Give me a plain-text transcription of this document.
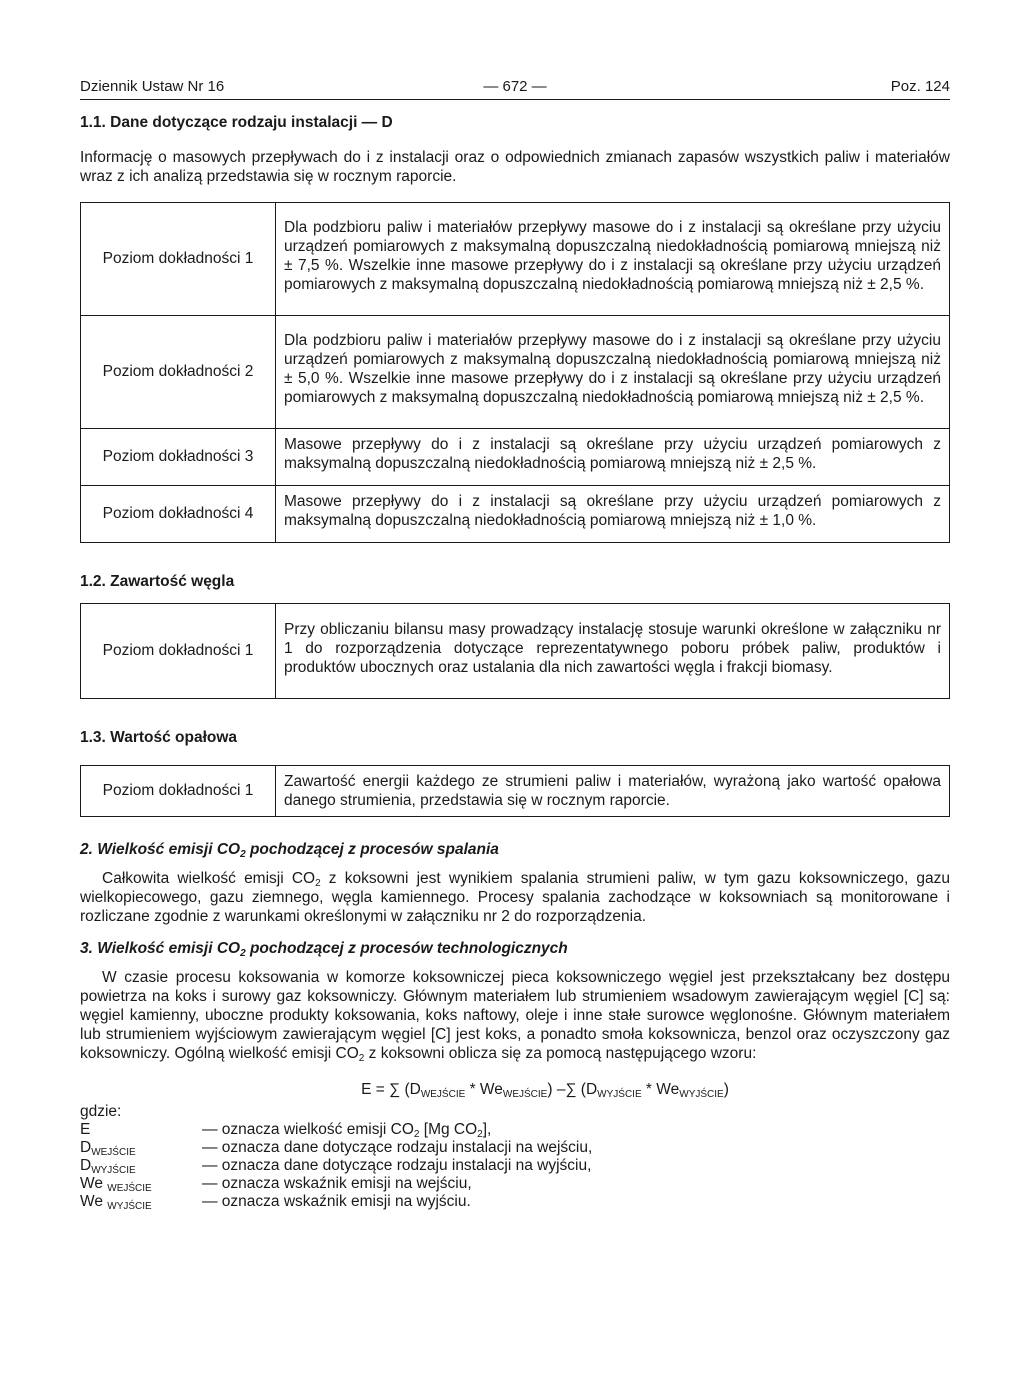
Dziennik Ustaw Nr 16	— 672 —	Poz. 124
1.1. Dane dotyczące rodzaju instalacji — D

Informację o masowych przepływach do i z instalacji oraz o odpowiednich zmianach zapasów wszystkich paliw i materiałów wraz z ich analizą przedstawia się w rocznym raporcie.

Poziom dokładności 1	Dla podzbioru paliw i materiałów przepływy masowe do i z instalacji są określane przy użyciu urządzeń pomiarowych z maksymalną dopuszczalną niedokładnością pomiarową mniejszą niż ± 7,5 %. Wszelkie inne masowe przepływy do i z instalacji są określane przy użyciu urządzeń pomiarowych z maksymalną dopuszczalną niedokładnością pomiarową mniejszą niż ± 2,5 %.
Poziom dokładności 2	Dla podzbioru paliw i materiałów przepływy masowe do i z instalacji są określane przy użyciu urządzeń pomiarowych z maksymalną dopuszczalną niedokładnością pomiarową mniejszą niż ± 5,0 %. Wszelkie inne masowe przepływy do i z instalacji są określane przy użyciu urządzeń pomiarowych z maksymalną dopuszczalną niedokładnością pomiarową mniejszą niż ± 2,5 %.
Poziom dokładności 3	Masowe przepływy do i z instalacji są określane przy użyciu urządzeń pomiarowych z maksymalną dopuszczalną niedokładnością pomiarową mniejszą niż ± 2,5 %.
Poziom dokładności 4	Masowe przepływy do i z instalacji są określane przy użyciu urządzeń pomiarowych z maksymalną dopuszczalną niedokładnością pomiarową mniejszą niż ± 1,0 %.
1.2. Zawartość węgla
Poziom dokładności 1	Przy obliczaniu bilansu masy prowadzący instalację stosuje warunki określone w załączniku nr 1 do rozporządzenia dotyczące reprezentatywnego poboru próbek paliw, produktów i produktów ubocznych oraz ustalania dla nich zawartości węgla i frakcji biomasy.
1.3. Wartość opałowa
Poziom dokładności 1	Zawartość energii każdego ze strumieni paliw i materiałów, wyrażoną jako wartość opałowa danego strumienia, przedstawia się w rocznym raporcie.
2. Wielkość emisji $CO_2$ pochodzącej z procesów spalania

Całkowita wielkość emisji $CO_2$ z koksowni jest wynikiem spalania strumieni paliw, w tym gazu koksowniczego, gazu wielkopiecowego, gazu ziemnego, węgla kamiennego. Procesy spalania zachodzące w koksowniach są monitorowane i rozliczane zgodnie z warunkami określonymi w załączniku nr 2 do rozporządzenia.

3. Wielkość emisji $CO_2$ pochodzącej z procesów technologicznych

W czasie procesu koksowania w komorze koksowniczej pieca koksowniczego węgiel jest przekształcany bez dostępu powietrza na koks i surowy gaz koksowniczy. Głównym materiałem lub strumieniem wsadowym zawierającym węgiel [C] są: węgiel kamienny, uboczne produkty koksowania, koks naftowy, oleje i inne stałe surowce węglonośne. Głównym materiałem lub strumieniem wyjściowym zawierającym węgiel [C] jest koks, a ponadto smoła koksownicza, benzol oraz oczyszczony gaz koksowniczy. Ogólną wielkość emisji $CO_2$ z koksowni oblicza się za pomocą następującego wzoru:

E = ∑ $(D_{WEJŚCIE} * We_{WEJŚCIE})$ –∑ $(D_{WYJŚCIE} * We_{WYJŚCIE})$
gdzie:
E	— oznacza wielkość emisji $CO_2$ [Mg $CO_2$],
$D_{WEJŚCIE}$	— oznacza dane dotyczące rodzaju instalacji na wejściu,
$D_{WYJŚCIE}$	— oznacza dane dotyczące rodzaju instalacji na wyjściu,
We $_{WEJŚCIE}$	— oznacza wskaźnik emisji na wejściu,
We $_{WYJŚCIE}$	— oznacza wskaźnik emisji na wyjściu.
